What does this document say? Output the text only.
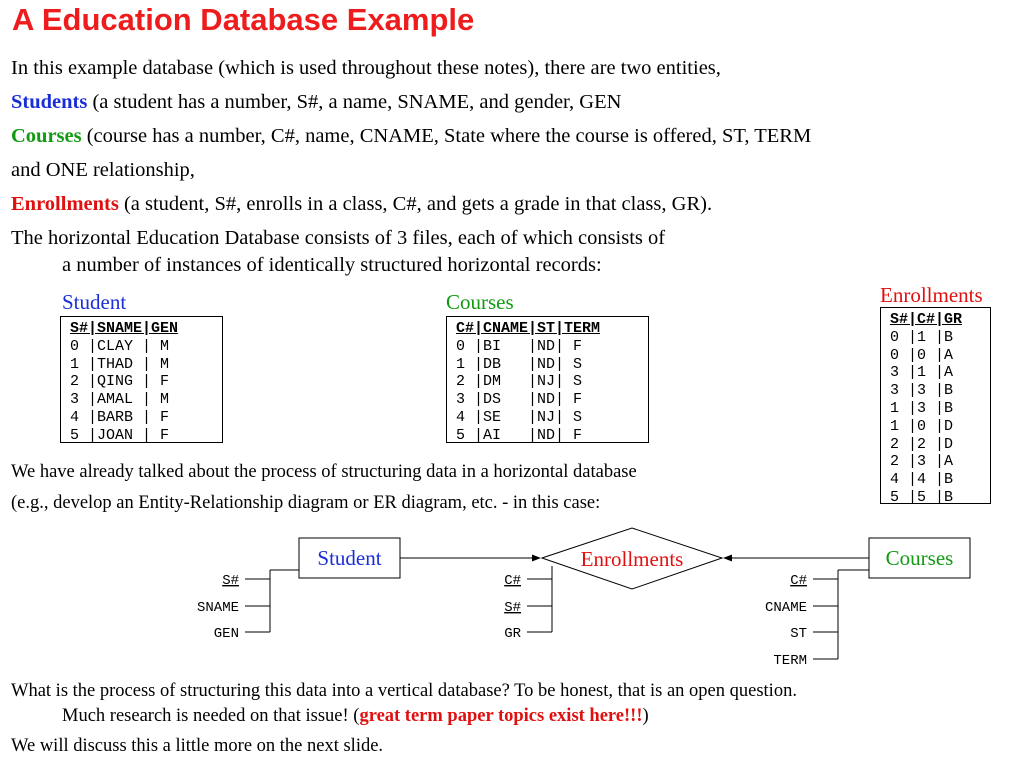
A Education Database Example
In this example database (which is used throughout these notes), there are two entities,
Students (a student has a number, S#, a name, SNAME, and gender, GEN
Courses (course has a number, C#, name, CNAME, State where the course is offered, ST, TERM
and ONE relationship,
Enrollments (a student, S#, enrolls in a class, C#, and gets a grade in that class, GR).
The horizontal Education Database consists of 3 files, each of which consists of
a number of instances of identically structured horizontal records:
Student
S#|SNAME|GEN
0 |CLAY | M
1 |THAD | M
2 |QING | F
3 |AMAL | M
4 |BARB | F
5 |JOAN | F
Courses
C#|CNAME|ST|TERM
0 |BI   |ND| F
1 |DB   |ND| S
2 |DM   |NJ| S
3 |DS   |ND| F
4 |SE   |NJ| S
5 |AI   |ND| F
Enrollments
S#|C#|GR
0 |1 |B
0 |0 |A
3 |1 |A
3 |3 |B
1 |3 |B
1 |0 |D
2 |2 |D
2 |3 |A
4 |4 |B
5 |5 |B
We have already talked about the process of structuring data in a horizontal database
(e.g., develop an Entity-Relationship diagram or ER diagram, etc. - in this case:
Student	Courses
Enrollments
S#
SNAME
GEN
C#
S#
GR
C#
CNAME
ST
TERM
What is the process of structuring this data into a vertical database? To be honest, that is an open question.
Much research is needed on that issue! (great term paper topics exist here!!!)
We will discuss this a little more on the next slide.
